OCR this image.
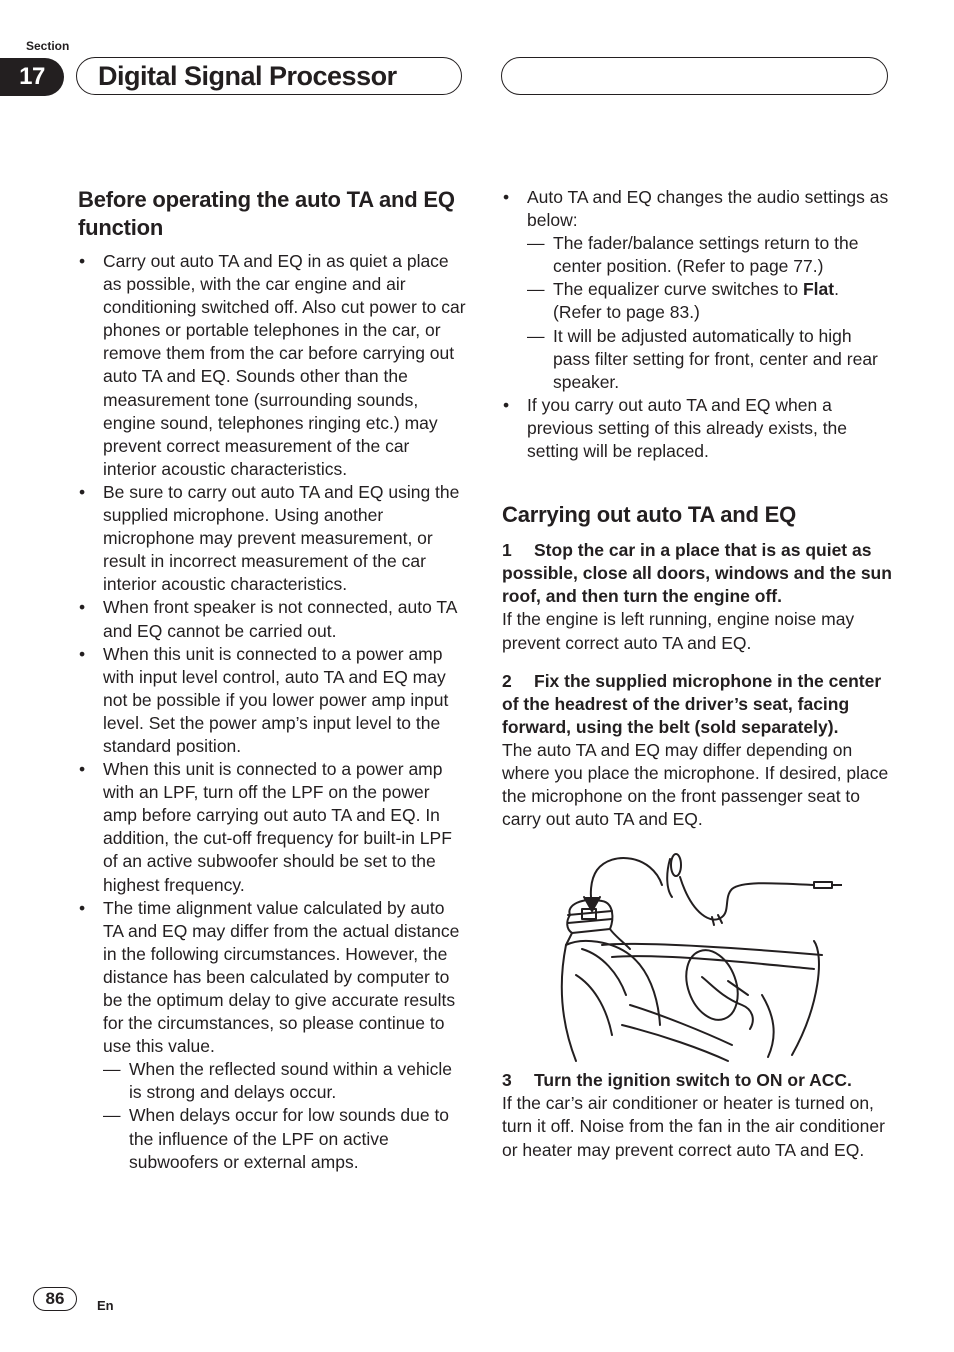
Section
17	Digital Signal Processor
Before operating the auto TA and EQ function
• Carry out auto TA and EQ in as quiet a place as possible, with the car engine and air conditioning switched off. Also cut power to car phones or portable telephones in the car, or remove them from the car before carrying out auto TA and EQ. Sounds other than the measurement tone (surrounding sounds, engine sound, telephones ringing etc.) may prevent correct measurement of the car interior acoustic characteristics.
• Be sure to carry out auto TA and EQ using the supplied microphone. Using another microphone may prevent measurement, or result in incorrect measurement of the car interior acoustic characteristics.
• When front speaker is not connected, auto TA and EQ cannot be carried out.
• When this unit is connected to a power amp with input level control, auto TA and EQ may not be possible if you lower power amp input level. Set the power amp’s input level to the standard position.
• When this unit is connected to a power amp with an LPF, turn off the LPF on the power amp before carrying out auto TA and EQ. In addition, the cut-off frequency for built-in LPF of an active subwoofer should be set to the highest frequency.
• The time alignment value calculated by auto TA and EQ may differ from the actual distance in the following circumstances. However, the distance has been calculated by computer to be the optimum delay to give accurate results for the circumstances, so please continue to use this value.
— When the reflected sound within a vehicle is strong and delays occur.
— When delays occur for low sounds due to the influence of the LPF on active subwoofers or external amps.
• Auto TA and EQ changes the audio settings as below:
— The fader/balance settings return to the center position. (Refer to page 77.)
— The equalizer curve switches to Flat. (Refer to page 83.)
— It will be adjusted automatically to high pass filter setting for front, center and rear speaker.
• If you carry out auto TA and EQ when a previous setting of this already exists, the setting will be replaced.
Carrying out auto TA and EQ

1 Stop the car in a place that is as quiet as possible, close all doors, windows and the sun roof, and then turn the engine off.

If the engine is left running, engine noise may prevent correct auto TA and EQ.

2 Fix the supplied microphone in the center of the headrest of the driver’s seat, facing forward, using the belt (sold separately).

The auto TA and EQ may differ depending on where you place the microphone. If desired, place the microphone on the front passenger seat to carry out auto TA and EQ.

3 Turn the ignition switch to ON or ACC.

If the car’s air conditioner or heater is turned on, turn it off. Noise from the fan in the air conditioner or heater may prevent correct auto TA and EQ.

86	En
